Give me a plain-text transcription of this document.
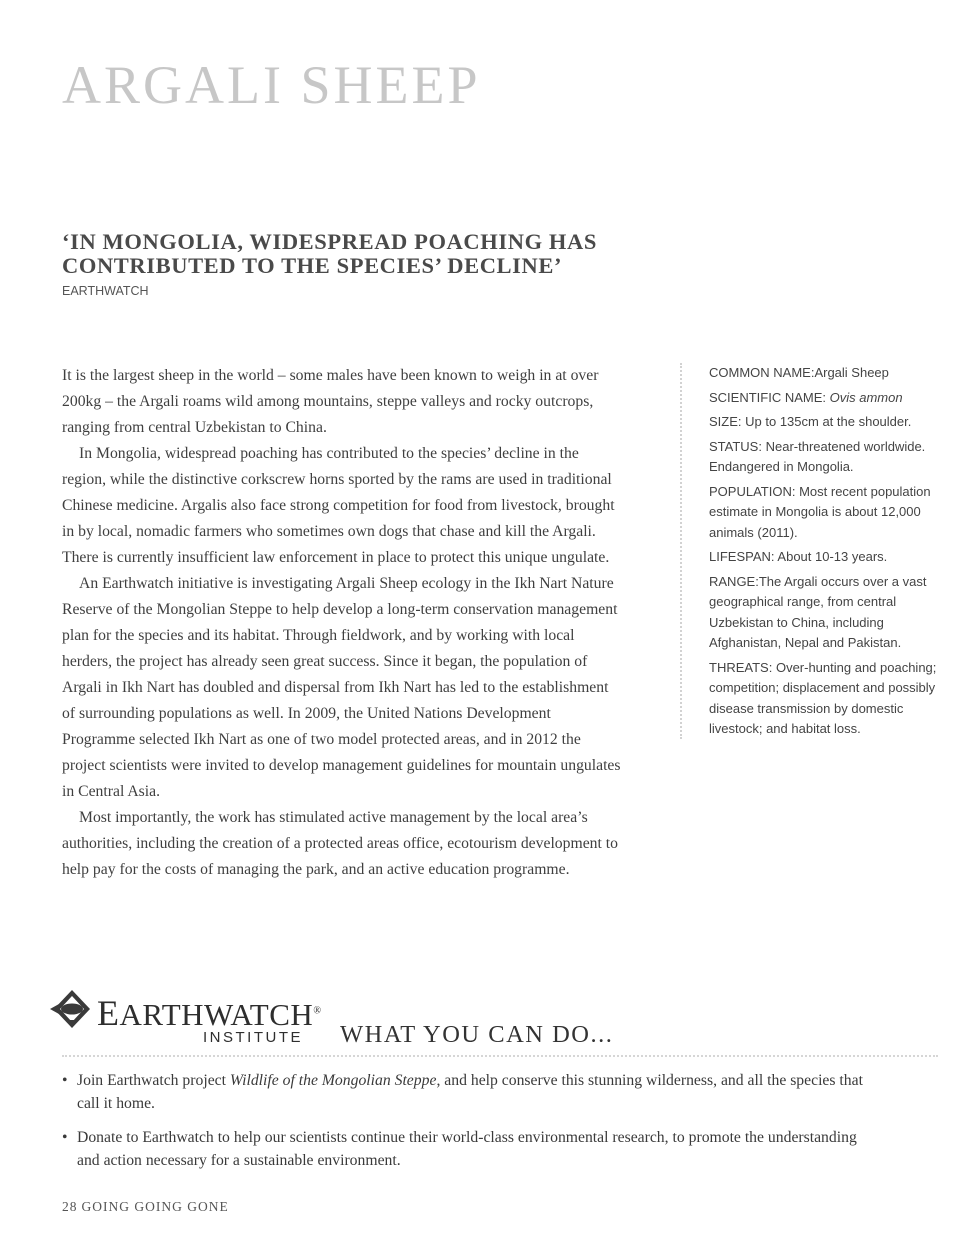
ARGALI SHEEP
‘IN MONGOLIA, WIDESPREAD POACHING HAS CONTRIBUTED TO THE SPECIES’ DECLINE’
EARTHWATCH

It is the largest sheep in the world – some males have been known to weigh in at over 200kg – the Argali roams wild among mountains, steppe valleys and rocky outcrops, ranging from central Uzbekistan to China.

In Mongolia, widespread poaching has contributed to the species’ decline in the region, while the distinctive corkscrew horns sported by the rams are used in traditional Chinese medicine. Argalis also face strong competition for food from livestock, brought in by local, nomadic farmers who sometimes own dogs that chase and kill the Argali. There is currently insufficient law enforcement in place to protect this unique ungulate.

An Earthwatch initiative is investigating Argali Sheep ecology in the Ikh Nart Nature Reserve of the Mongolian Steppe to help develop a long-term conservation management plan for the species and its habitat. Through fieldwork, and by working with local herders, the project has already seen great success. Since it began, the population of Argali in Ikh Nart has doubled and dispersal from Ikh Nart has led to the establishment of surrounding populations as well. In 2009, the United Nations Development Programme selected Ikh Nart as one of two model protected areas, and in 2012 the project scientists were invited to develop management guidelines for mountain ungulates in Central Asia.

Most importantly, the work has stimulated active management by the local area’s authorities, including the creation of a protected areas office, ecotourism development to help pay for the costs of managing the park, and an active education programme.

COMMON NAME:Argali Sheep

SCIENTIFIC NAME: Ovis ammon

SIZE: Up to 135cm at the shoulder.

STATUS: Near-threatened worldwide. Endangered in Mongolia.

POPULATION: Most recent population estimate in Mongolia is about 12,000 animals (2011).

LIFESPAN: About 10-13 years.

RANGE:The Argali occurs over a vast geographical range, from central Uzbekistan to China, including Afghanistan, Nepal and Pakistan.

THREATS: Over-hunting and poaching; competition; displacement and possibly disease transmission by domestic livestock; and habitat loss.

EARTHWATCH®
INSTITUTE WHAT YOU CAN DO...
• Join Earthwatch project Wildlife of the Mongolian Steppe, and help conserve this stunning wilderness, and all the species that call it home.
• Donate to Earthwatch to help our scientists continue their world-class environmental research, to promote the understanding and action necessary for a sustainable environment.
28 GOING GOING GONE
